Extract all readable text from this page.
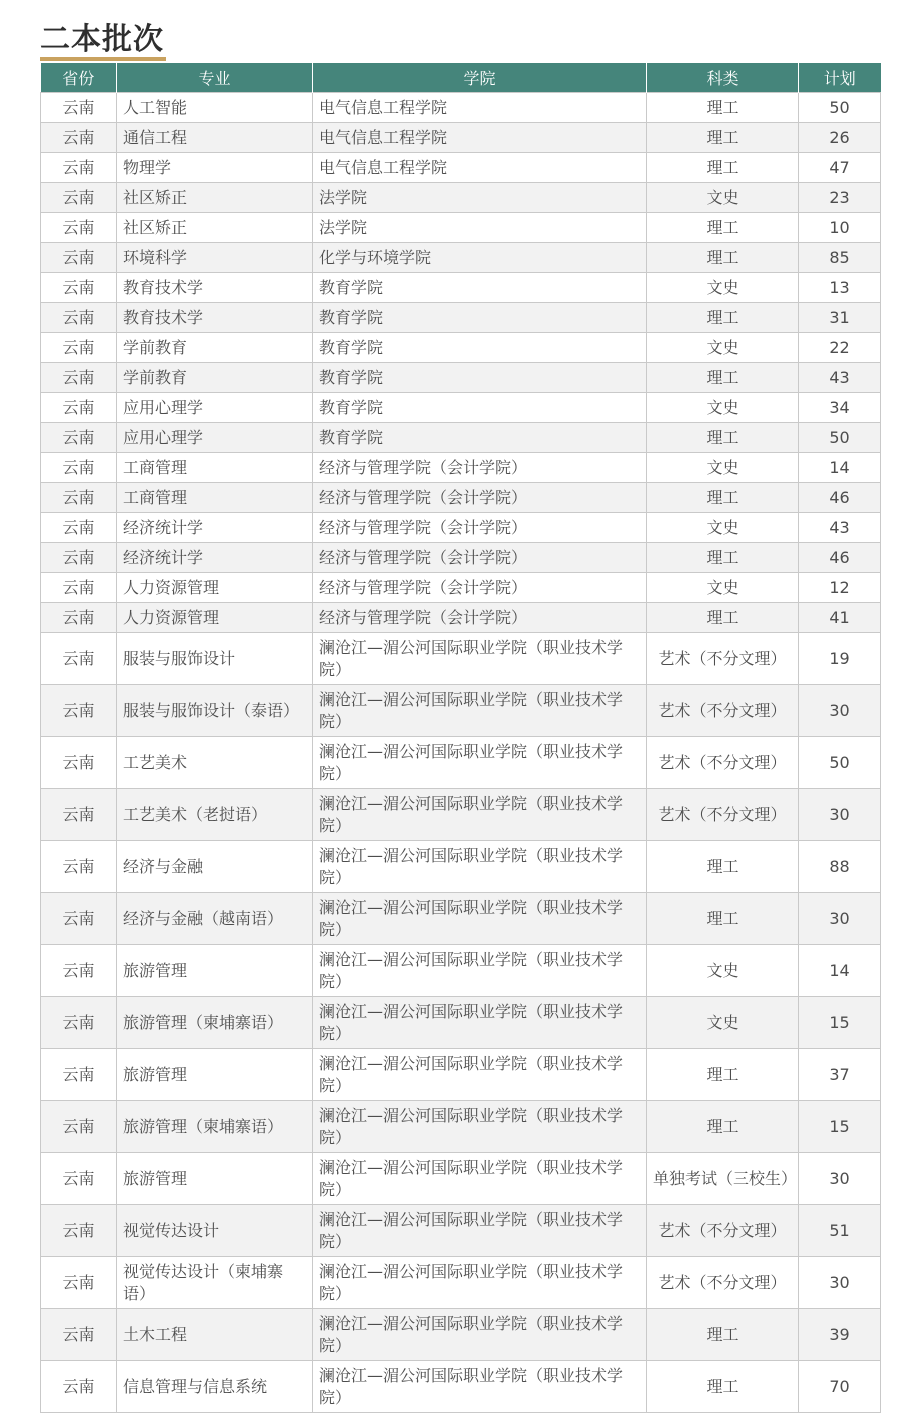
二本批次
省份	专业	学院	科类	计划
云南	人工智能	电气信息工程学院	理工	50
云南	通信工程	电气信息工程学院	理工	26
云南	物理学	电气信息工程学院	理工	47
云南	社区矫正	法学院	文史	23
云南	社区矫正	法学院	理工	10
云南	环境科学	化学与环境学院	理工	85
云南	教育技术学	教育学院	文史	13
云南	教育技术学	教育学院	理工	31
云南	学前教育	教育学院	文史	22
云南	学前教育	教育学院	理工	43
云南	应用心理学	教育学院	文史	34
云南	应用心理学	教育学院	理工	50
云南	工商管理	经济与管理学院（会计学院）	文史	14
云南	工商管理	经济与管理学院（会计学院）	理工	46
云南	经济统计学	经济与管理学院（会计学院）	文史	43
云南	经济统计学	经济与管理学院（会计学院）	理工	46
云南	人力资源管理	经济与管理学院（会计学院）	文史	12
云南	人力资源管理	经济与管理学院（会计学院）	理工	41
云南	服装与服饰设计	澜沧江—湄公河国际职业学院（职业技术学院）	艺术（不分文理）	19
云南	服装与服饰设计（泰语）	澜沧江—湄公河国际职业学院（职业技术学院）	艺术（不分文理）	30
云南	工艺美术	澜沧江—湄公河国际职业学院（职业技术学院）	艺术（不分文理）	50
云南	工艺美术（老挝语）	澜沧江—湄公河国际职业学院（职业技术学院）	艺术（不分文理）	30
云南	经济与金融	澜沧江—湄公河国际职业学院（职业技术学院）	理工	88
云南	经济与金融（越南语）	澜沧江—湄公河国际职业学院（职业技术学院）	理工	30
云南	旅游管理	澜沧江—湄公河国际职业学院（职业技术学院）	文史	14
云南	旅游管理（柬埔寨语）	澜沧江—湄公河国际职业学院（职业技术学院）	文史	15
云南	旅游管理	澜沧江—湄公河国际职业学院（职业技术学院）	理工	37
云南	旅游管理（柬埔寨语）	澜沧江—湄公河国际职业学院（职业技术学院）	理工	15
云南	旅游管理	澜沧江—湄公河国际职业学院（职业技术学院）	单独考试（三校生）	30
云南	视觉传达设计	澜沧江—湄公河国际职业学院（职业技术学院）	艺术（不分文理）	51
云南	视觉传达设计（柬埔寨语）	澜沧江—湄公河国际职业学院（职业技术学院）	艺术（不分文理）	30
云南	土木工程	澜沧江—湄公河国际职业学院（职业技术学院）	理工	39
云南	信息管理与信息系统	澜沧江—湄公河国际职业学院（职业技术学院）	理工	70
